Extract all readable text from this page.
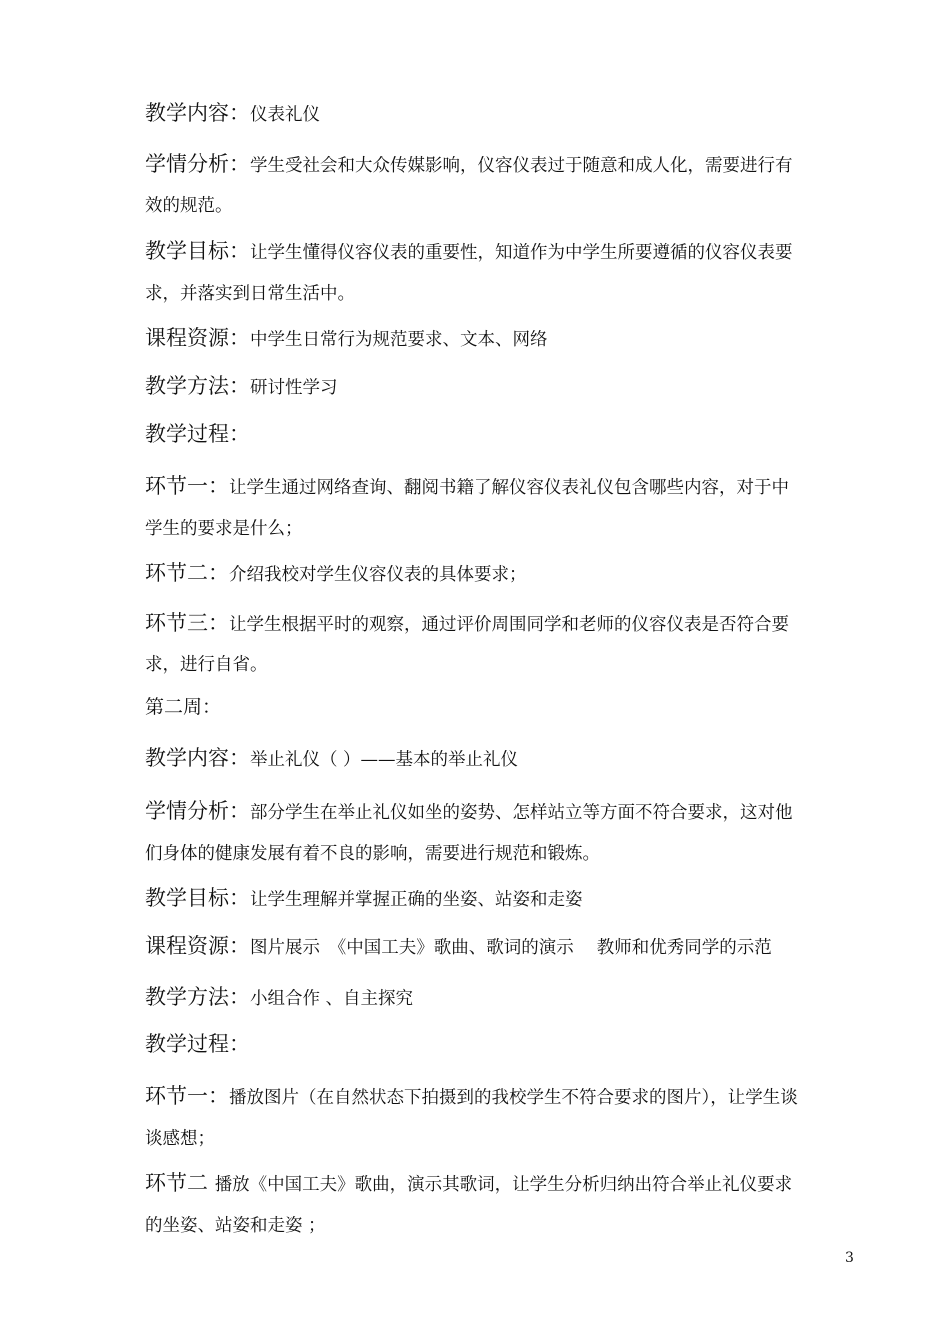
教学内容：仪表礼仪
学情分析：学生受社会和大众传媒影响，仪容仪表过于随意和成人化，需要进行有
效的规范。
教学目标：让学生懂得仪容仪表的重要性，知道作为中学生所要遵循的仪容仪表要
求，并落实到日常生活中。
课程资源：中学生日常行为规范要求、文本、网络
教学方法：研讨性学习
教学过程：
环节一：让学生通过网络查询、翻阅书籍了解仪容仪表礼仪包含哪些内容，对于中
学生的要求是什么；
环节二：介绍我校对学生仪容仪表的具体要求；
环节三：让学生根据平时的观察，通过评价周围同学和老师的仪容仪表是否符合要
求，进行自省。
第二周：
教学内容：举止礼仪（ ）——基本的举止礼仪
学情分析：部分学生在举止礼仪如坐的姿势、怎样站立等方面不符合要求，这对他
们身体的健康发展有着不良的影响，需要进行规范和锻炼。
教学目标：让学生理解并掌握正确的坐姿、站姿和走姿
课程资源：图片展示　《中国工夫》歌曲、歌词的演示　 教师和优秀同学的示范
教学方法：小组合作 、自主探究
教学过程：
环节一：播放图片（在自然状态下拍摄到的我校学生不符合要求的图片），让学生谈
谈感想；
环节二 播放《中国工夫》歌曲，演示其歌词，让学生分析归纳出符合举止礼仪要求
的坐姿、站姿和走姿 ；
3
